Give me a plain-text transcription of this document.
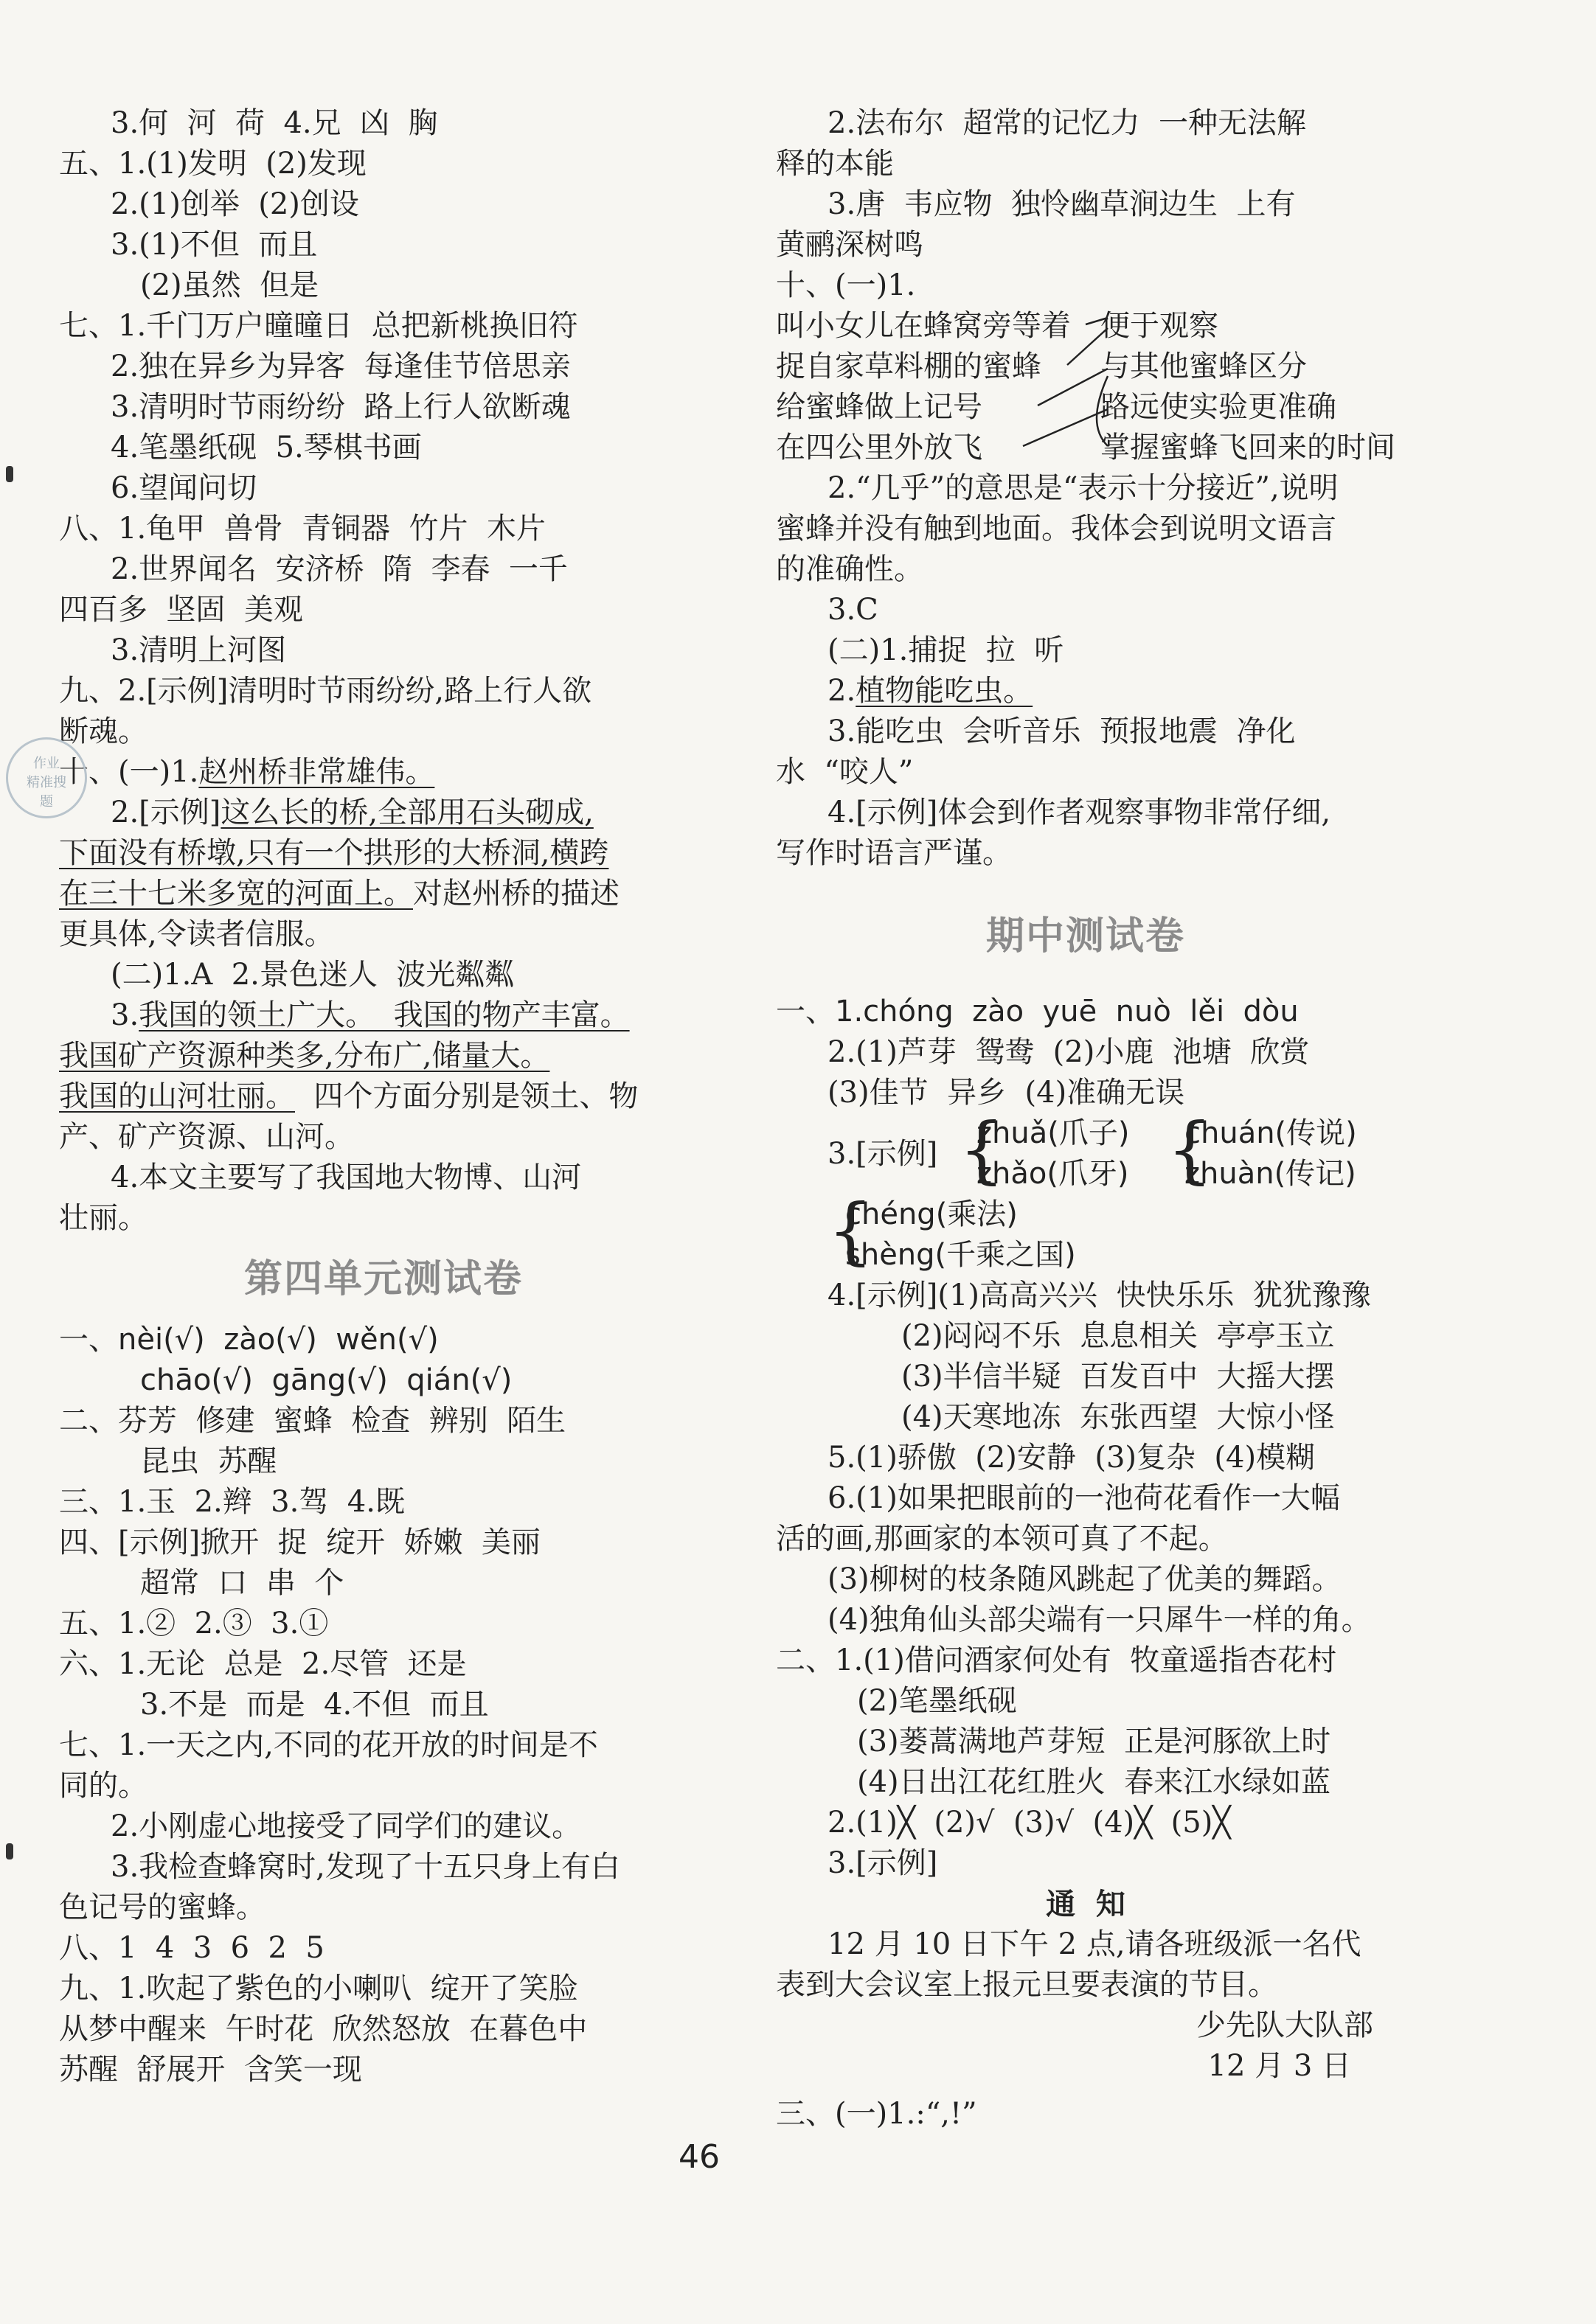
3.何  河  荷  4.兄  凶  胸
五、1.(1)发明  (2)发现
2.(1)创举  (2)创设
3.(1)不但  而且
(2)虽然  但是
七、1.千门万户曈曈日  总把新桃换旧符
2.独在异乡为异客  每逢佳节倍思亲
3.清明时节雨纷纷  路上行人欲断魂
4.笔墨纸砚  5.琴棋书画
6.望闻问切
八、1.龟甲  兽骨  青铜器  竹片  木片
2.世界闻名  安济桥  隋  李春  一千
四百多  坚固  美观
3.清明上河图
九、2.[示例]清明时节雨纷纷,路上行人欲
断魂。
十、(一)1.赵州桥非常雄伟。
2.[示例]这么长的桥,全部用石头砌成,
下面没有桥墩,只有一个拱形的大桥洞,横跨
在三十七米多宽的河面上。对赵州桥的描述
更具体,令读者信服。
(二)1.A  2.景色迷人  波光粼粼
3.我国的领土广大。  我国的物产丰富。
我国矿产资源种类多,分布广,储量大。
我国的山河壮丽。  四个方面分别是领土、物
产、矿产资源、山河。
4.本文主要写了我国地大物博、山河
壮丽。
第四单元测试卷
一、nèi(√)  zào(√)  wěn(√)
chāo(√)  gāng(√)  qián(√)
二、芬芳  修建  蜜蜂  检查  辨别  陌生
昆虫  苏醒
三、1.玉  2.辫  3.驾  4.既
四、[示例]掀开  捉  绽开  娇嫩  美丽
超常  口  串  个
五、1.②  2.③  3.①
六、1.无论  总是  2.尽管  还是
3.不是  而是  4.不但  而且
七、1.一天之内,不同的花开放的时间是不
同的。
2.小刚虚心地接受了同学们的建议。
3.我检查蜂窝时,发现了十五只身上有白
色记号的蜜蜂。
八、1  4  3  6  2  5
九、1.吹起了紫色的小喇叭  绽开了笑脸
从梦中醒来  午时花  欣然怒放  在暮色中
苏醒  舒展开  含笑一现
2.法布尔  超常的记忆力  一种无法解
释的本能
3.唐  韦应物  独怜幽草涧边生  上有
黄鹂深树鸣
十、(一)1.
叫小女儿在蜂窝旁等着
捉自家草料棚的蜜蜂
给蜜蜂做上记号
在四公里外放飞
便于观察
与其他蜜蜂区分
路远使实验更准确
掌握蜜蜂飞回来的时间
2.“几乎”的意思是“表示十分接近”,说明
蜜蜂并没有触到地面。我体会到说明文语言
的准确性。
3.C
(二)1.捕捉  拉  听
2.植物能吃虫。
3.能吃虫  会听音乐  预报地震  净化
水  “咬人”
4.[示例]体会到作者观察事物非常仔细,
写作时语言严谨。
期中测试卷
一、1.chóng  zào  yuē  nuò  lěi  dòu
2.(1)芦芽  鸳鸯  (2)小鹿  池塘  欣赏
(3)佳节  异乡  (4)准确无误
3.[示例] {
zhuǎ(爪子)
zhǎo(爪牙) {
chuán(传说)
zhuàn(传记)
{
chéng(乘法)
shèng(千乘之国)
4.[示例](1)高高兴兴  快快乐乐  犹犹豫豫
(2)闷闷不乐  息息相关  亭亭玉立
(3)半信半疑  百发百中  大摇大摆
(4)天寒地冻  东张西望  大惊小怪
5.(1)骄傲  (2)安静  (3)复杂  (4)模糊
6.(1)如果把眼前的一池荷花看作一大幅
活的画,那画家的本领可真了不起。
(3)柳树的枝条随风跳起了优美的舞蹈。
(4)独角仙头部尖端有一只犀牛一样的角。
二、1.(1)借问酒家何处有  牧童遥指杏花村
(2)笔墨纸砚
(3)蒌蒿满地芦芽短  正是河豚欲上时
(4)日出江花红胜火  春来江水绿如蓝
2.(1)╳  (2)√  (3)√  (4)╳  (5)╳
3.[示例]
通  知
12 月 10 日下午 2 点,请各班级派一名代
表到大会议室上报元旦要表演的节目。
少先队大队部
12 月 3 日
三、(一)1.:“,!”
作业
精准搜
题
46
